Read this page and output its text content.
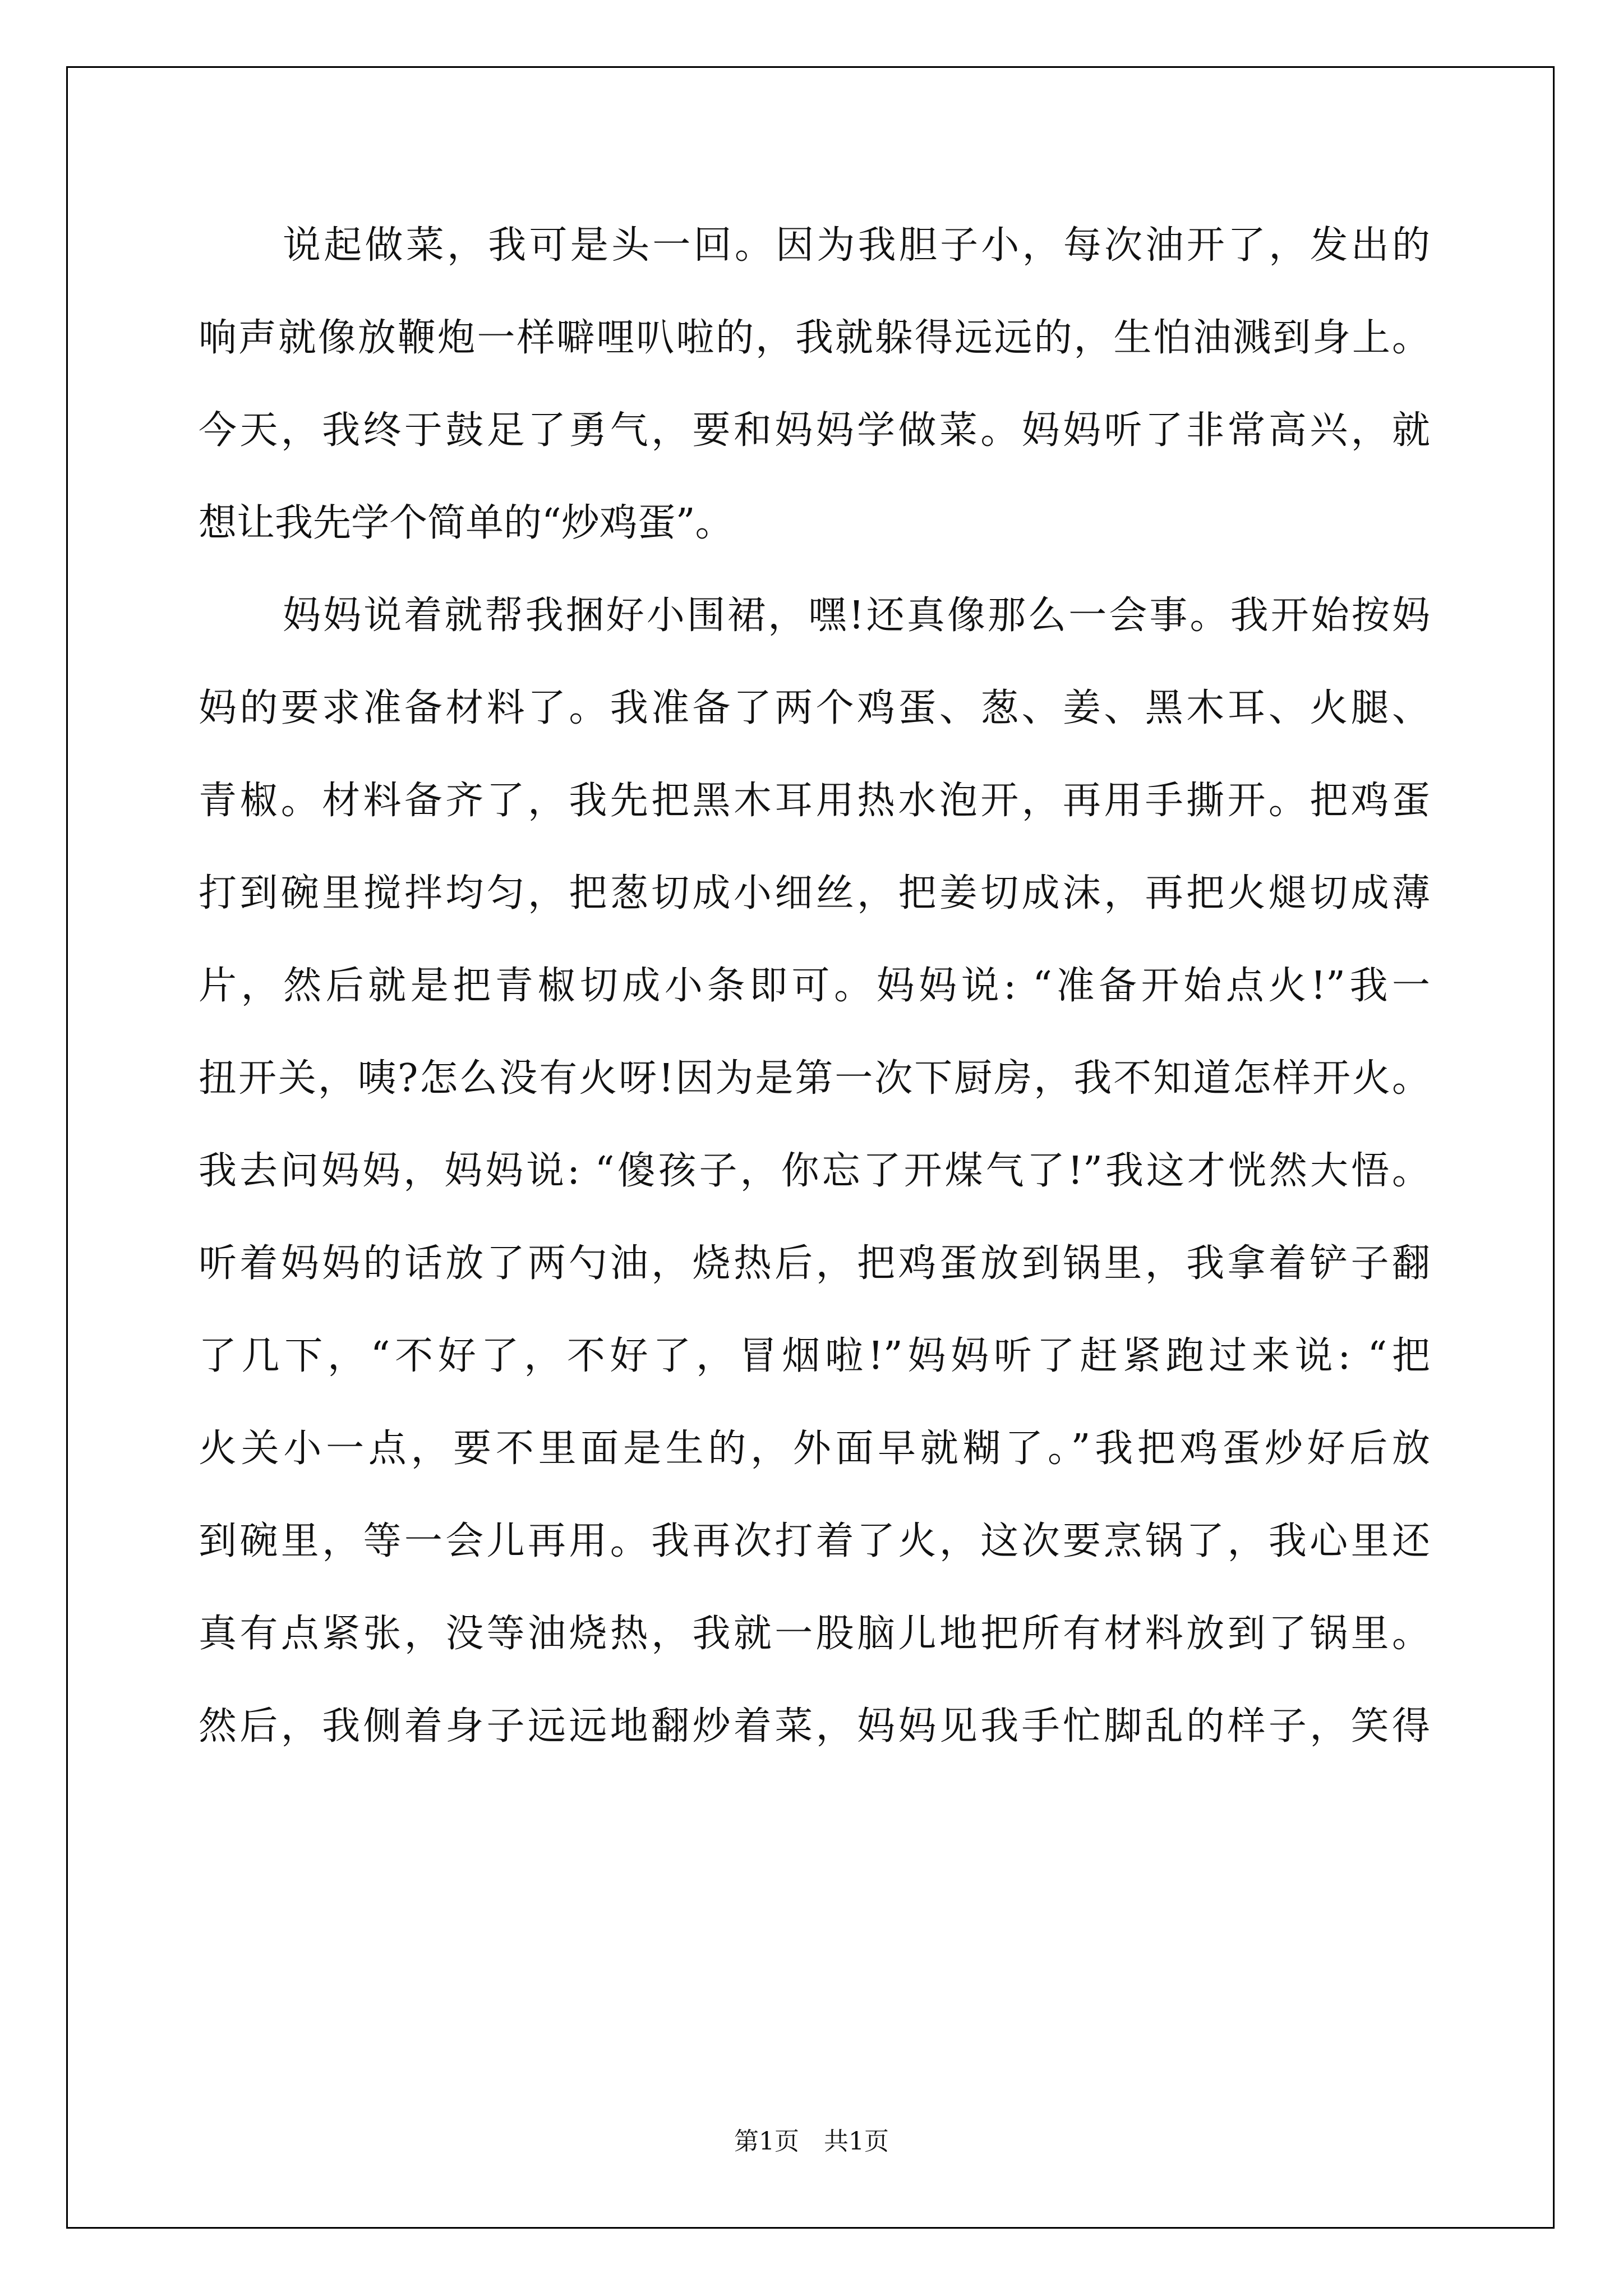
说起做菜，我可是头一回。因为我胆子小，每次油开了，发出的
响声就像放鞭炮一样噼哩叭啦的，我就躲得远远的，生怕油溅到身上。
今天，我终于鼓足了勇气，要和妈妈学做菜。妈妈听了非常高兴，就
想让我先学个简单的“炒鸡蛋”。
妈妈说着就帮我捆好小围裙，嘿!还真像那么一会事。我开始按妈
妈的要求准备材料了。我准备了两个鸡蛋、葱、姜、黑木耳、火腿、
青椒。材料备齐了，我先把黑木耳用热水泡开，再用手撕开。把鸡蛋
打到碗里搅拌均匀，把葱切成小细丝，把姜切成沫，再把火煺切成薄
片，然后就是把青椒切成小条即可。妈妈说: “准备开始点火!”我一
扭开关，咦?怎么没有火呀!因为是第一次下厨房，我不知道怎样开火。
我去问妈妈，妈妈说: “傻孩子，你忘了开煤气了!”我这才恍然大悟。
听着妈妈的话放了两勺油，烧热后，把鸡蛋放到锅里，我拿着铲子翻
了几下，“不好了，不好了，冒烟啦!”妈妈听了赶紧跑过来说: “把
火关小一点，要不里面是生的，外面早就糊了。”我把鸡蛋炒好后放
到碗里，等一会儿再用。我再次打着了火，这次要烹锅了，我心里还
真有点紧张，没等油烧热，我就一股脑儿地把所有材料放到了锅里。
然后，我侧着身子远远地翻炒着菜，妈妈见我手忙脚乱的样子，笑得
第1页 共1页
